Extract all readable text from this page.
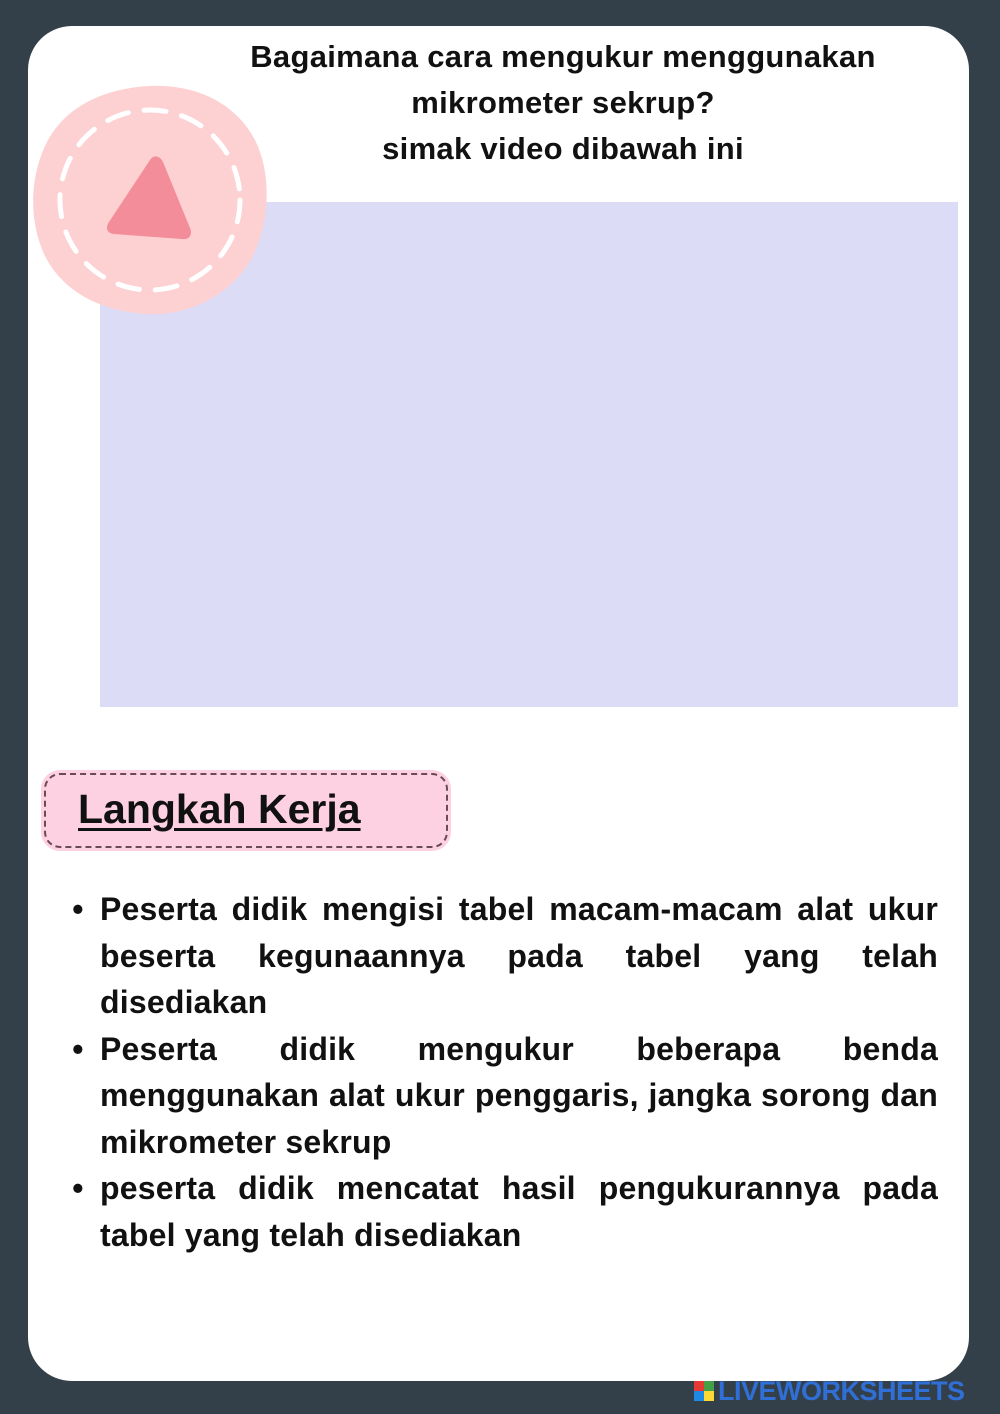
Bagaimana cara mengukur menggunakan
mikrometer sekrup?
simak video dibawah ini
Langkah Kerja
• Peserta didik mengisi tabel macam-macam alat ukur beserta kegunaannya pada tabel yang telah disediakan
• Peserta didik mengukur beberapa benda menggunakan alat ukur penggaris, jangka sorong dan mikrometer sekrup
• peserta didik mencatat hasil pengukurannya pada tabel yang telah disediakan
LIVEWORKSHEETS
